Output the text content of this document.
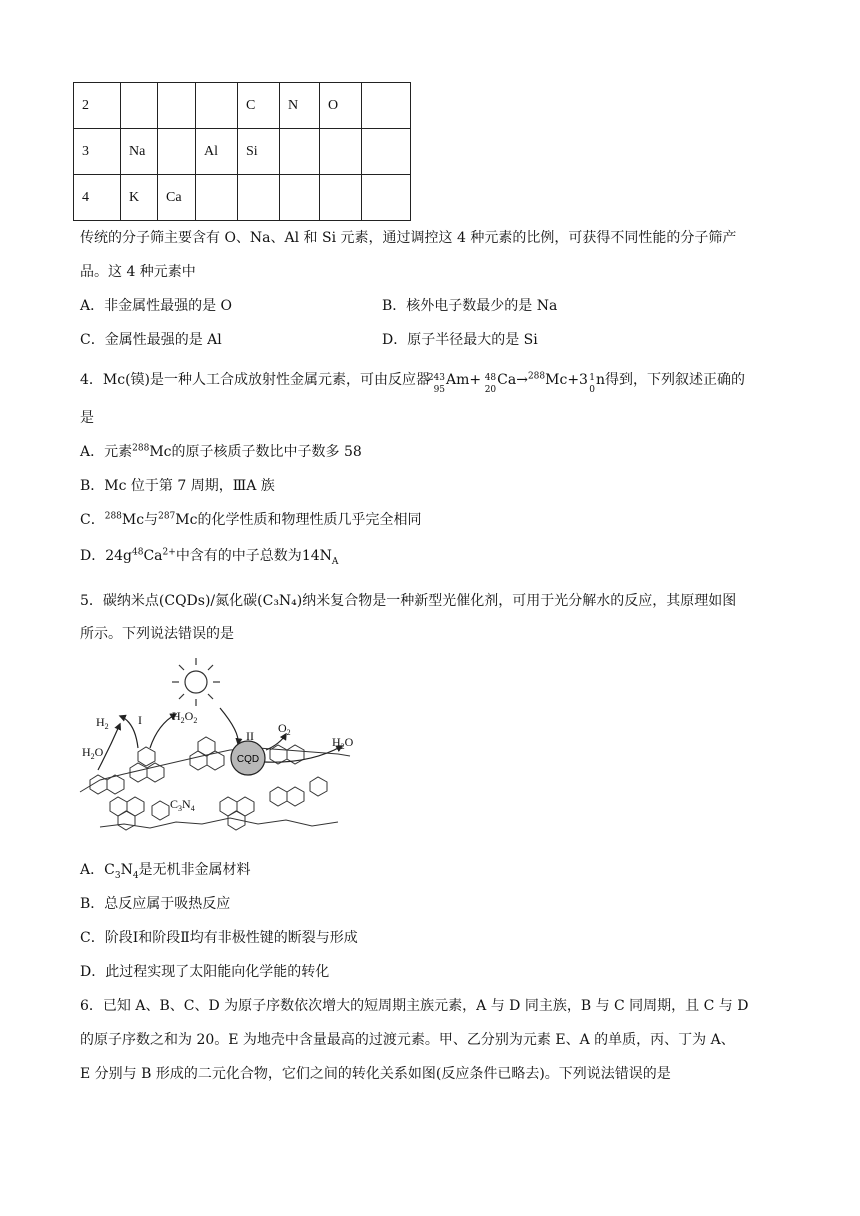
2				C	N	O	
3	Na		Al	Si			
4	K	Ca					
传统的分子筛主要含有 O、Na、Al 和 Si 元素，通过调控这 4 种元素的比例，可获得不同性能的分子筛产
品。这 4 种元素中
A．非金属性最强的是 O	B．核外电子数最少的是 Na
C．金属性最强的是 Al	D．原子半径最大的是 Si
4．Mc(镆)是一种人工合成放射性金属元素，可由反应器
243
95
Am+ 48
20
Ca→$^{288}$Mc+3 1
0
n得到，下列叙述正确的
是
A．元素$^{288}$Mc的原子核质子数比中子数多 58
B．Mc 位于第 7 周期，ⅢA 族
C．$^{288}$Mc与$^{287}$Mc的化学性质和物理性质几乎完全相同
D．$24g^{48}Ca^{2+}$中含有的中子总数为$14N_A$
5．碳纳米点(CQDs)/氮化碳(C₃N₄)纳米复合物是一种新型光催化剂，可用于光分解水的反应，其原理如图
所示。下列说法错误的是
CQD
$H_2$ I	$H_2O_2$
$H_2O$
II
$O_2$
$H_2O$
$C_3N_4$
A．$C_3N_4$是无机非金属材料
B．总反应属于吸热反应
C．阶段Ⅰ和阶段Ⅱ均有非极性键的断裂与形成
D．此过程实现了太阳能向化学能的转化
6．已知 A、B、C、D 为原子序数依次增大的短周期主族元素，A 与 D 同主族，B 与 C 同周期，且 C 与 D
的原子序数之和为 20。E 为地壳中含量最高的过渡元素。甲、乙分别为元素 E、A 的单质，丙、丁为 A、
E 分别与 B 形成的二元化合物，它们之间的转化关系如图(反应条件已略去)。下列说法错误的是
